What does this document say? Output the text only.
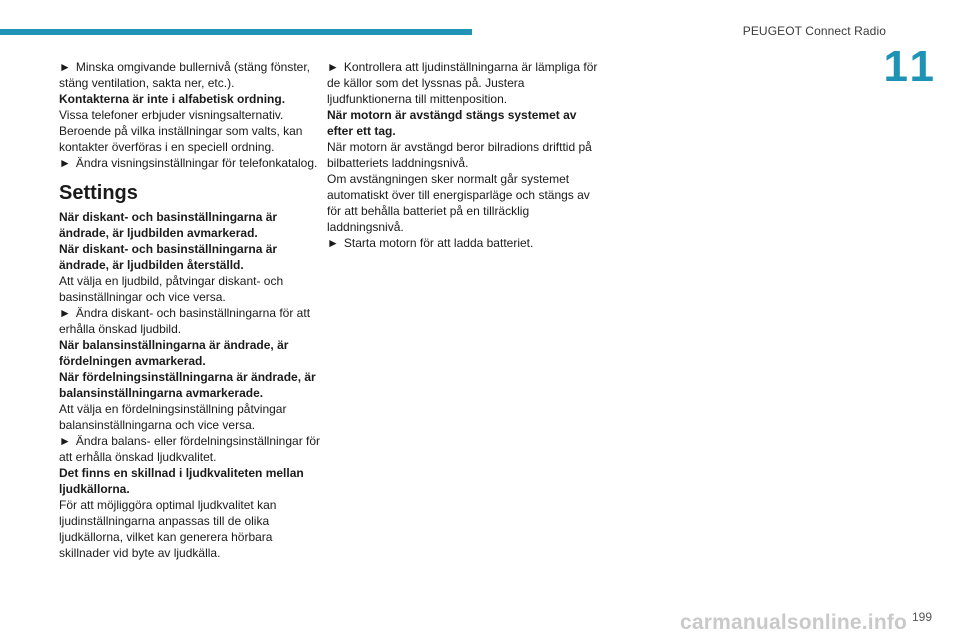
PEUGEOT Connect Radio
11

► Minska omgivande bullernivå (stäng fönster, stäng ventilation, sakta ner, etc.).

Kontakterna är inte i alfabetisk ordning.

Vissa telefoner erbjuder visningsalternativ. Beroende på vilka inställningar som valts, kan kontakter överföras i en speciell ordning.

► Ändra visningsinställningar för telefonkatalog.

Settings

När diskant- och basinställningarna är ändrade, är ljudbilden avmarkerad.

När diskant- och basinställningarna är ändrade, är ljudbilden återställd.

Att välja en ljudbild, påtvingar diskant- och basinställningar och vice versa.

► Ändra diskant- och basinställningarna för att erhålla önskad ljudbild.

När balansinställningarna är ändrade, är fördelningen avmarkerad.

När fördelningsinställningarna är ändrade, är balansinställningarna avmarkerade.

Att välja en fördelningsinställning påtvingar balansinställningarna och vice versa.

► Ändra balans- eller fördelningsinställningar för att erhålla önskad ljudkvalitet.

Det finns en skillnad i ljudkvaliteten mellan ljudkällorna.

För att möjliggöra optimal ljudkvalitet kan ljudinställningarna anpassas till de olika ljudkällorna, vilket kan generera hörbara skillnader vid byte av ljudkälla.

► Kontrollera att ljudinställningarna är lämpliga för de källor som det lyssnas på. Justera ljudfunktionerna till mittenposition.

När motorn är avstängd stängs systemet av efter ett tag.

När motorn är avstängd beror bilradions drifttid på bilbatteriets laddningsnivå.

Om avstängningen sker normalt går systemet automatiskt över till energisparläge och stängs av för att behålla batteriet på en tillräcklig laddningsnivå.

► Starta motorn för att ladda batteriet.

199
carmanualsonline.info
